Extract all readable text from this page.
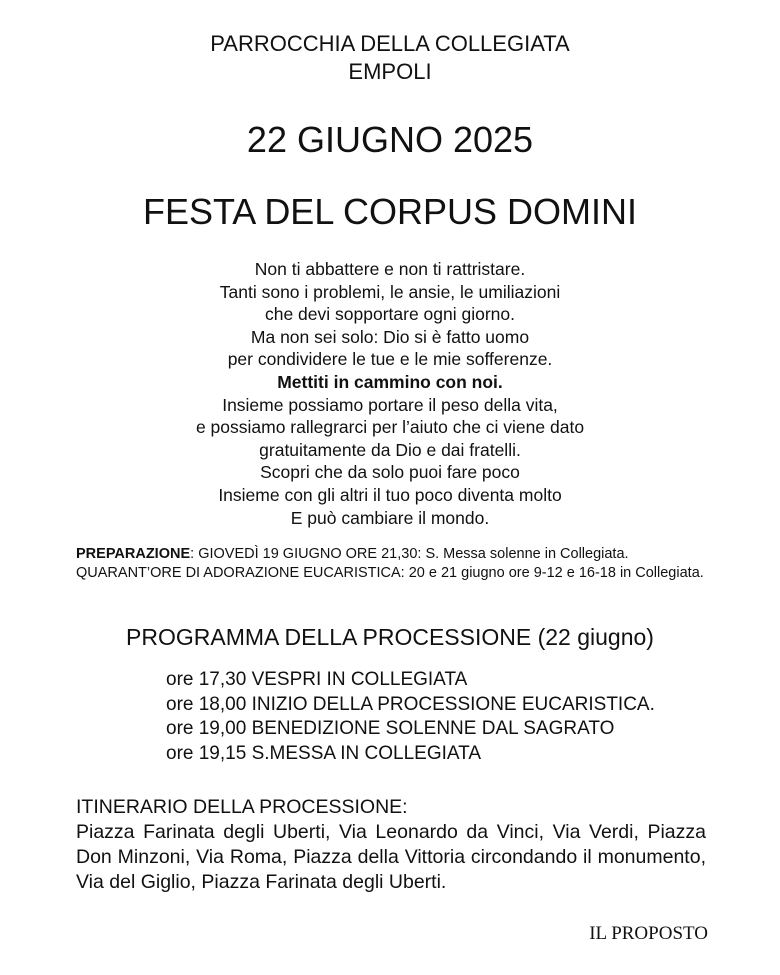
PARROCCHIA DELLA COLLEGIATA
EMPOLI
22 GIUGNO 2025
FESTA DEL CORPUS DOMINI
Non ti abbattere e non ti rattristare.
Tanti sono i problemi, le ansie, le umiliazioni
che devi sopportare ogni giorno.
Ma non sei solo: Dio si è fatto uomo
per condividere le tue e le mie sofferenze.
Mettiti in cammino con noi.
Insieme possiamo portare il peso della vita,
e possiamo rallegrarci per l’aiuto che ci viene dato
gratuitamente da Dio e dai fratelli.
Scopri che da solo puoi fare poco
Insieme con gli altri il tuo poco diventa molto
E può cambiare il mondo.
PREPARAZIONE: GIOVEDÌ 19 GIUGNO ORE 21,30: S. Messa solenne in Collegiata.
QUARANT’ORE DI ADORAZIONE EUCARISTICA: 20 e 21 giugno ore 9-12 e 16-18 in Collegiata.
PROGRAMMA DELLA PROCESSIONE (22 giugno)
ore 17,30 VESPRI IN COLLEGIATA
ore 18,00 INIZIO DELLA PROCESSIONE EUCARISTICA.
ore 19,00 BENEDIZIONE SOLENNE DAL SAGRATO
ore 19,15 S.MESSA IN COLLEGIATA
ITINERARIO DELLA PROCESSIONE:
Piazza Farinata degli Uberti, Via Leonardo da Vinci, Via Verdi, Piazza Don Minzoni, Via Roma, Piazza della Vittoria circondando il monumento, Via del Giglio, Piazza Farinata degli Uberti.
IL PROPOSTO
